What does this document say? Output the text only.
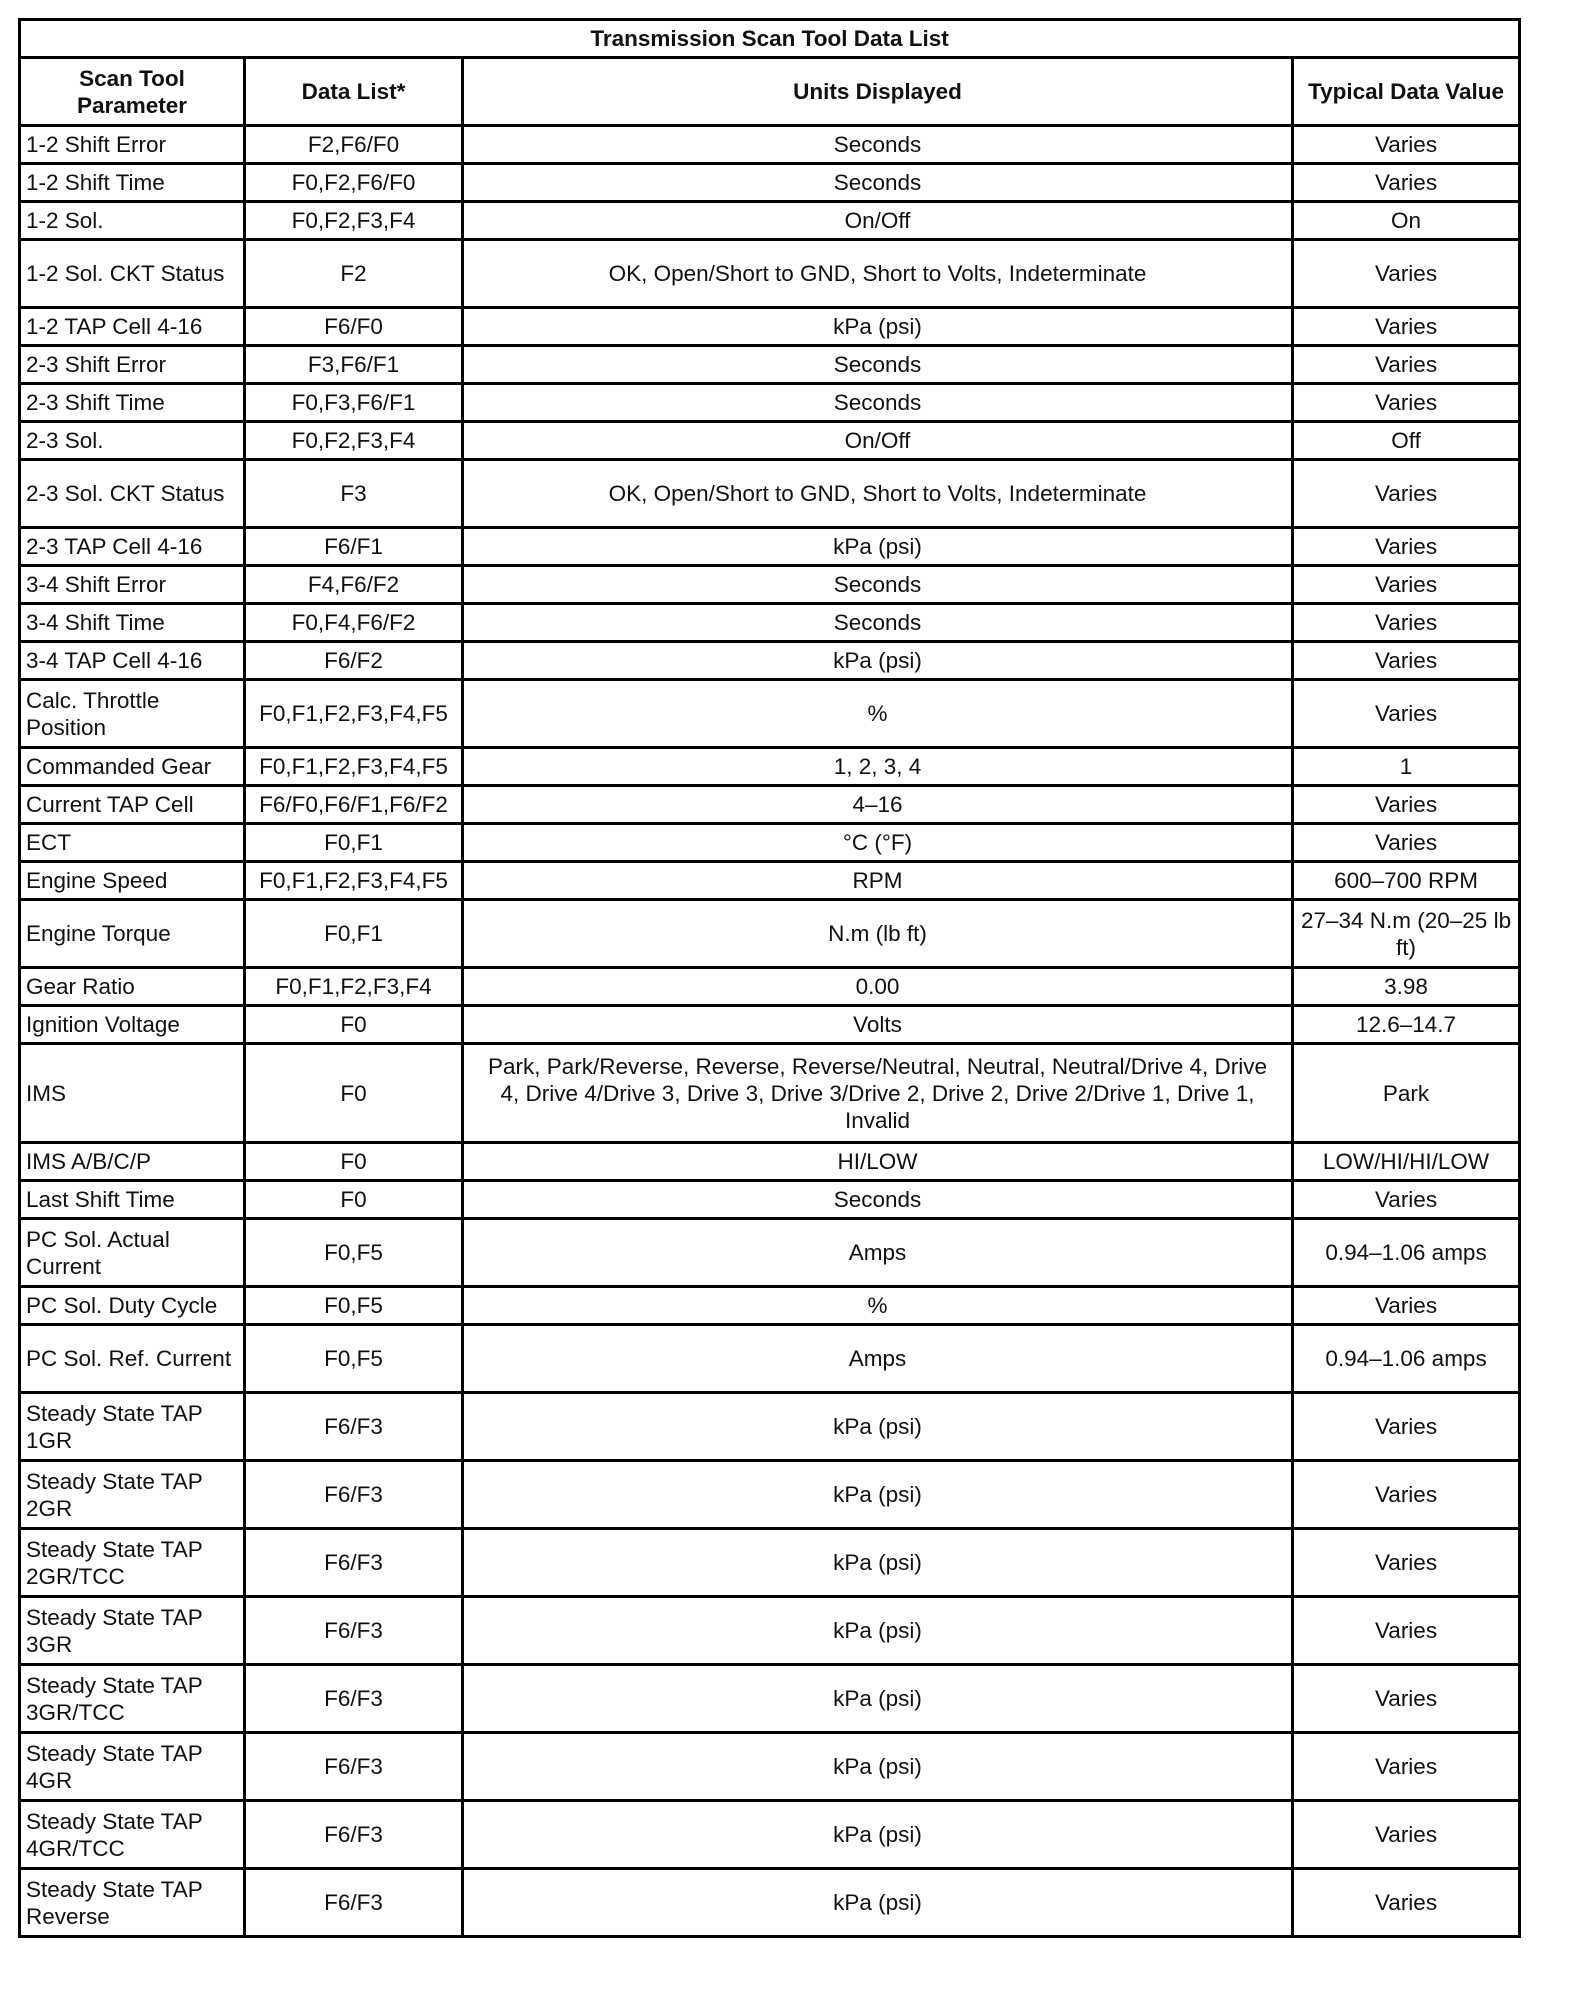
Transmission Scan Tool Data List			
Scan Tool Parameter	Data List*	Units Displayed	Typical Data Value
1-2 Shift Error	F2,F6/F0	Seconds	Varies
1-2 Shift Time	F0,F2,F6/F0	Seconds	Varies
1-2 Sol.	F0,F2,F3,F4	On/Off	On
1-2 Sol. CKT Status	F2	OK, Open/Short to GND, Short to Volts, Indeterminate	Varies
1-2 TAP Cell 4-16	F6/F0	kPa (psi)	Varies
2-3 Shift Error	F3,F6/F1	Seconds	Varies
2-3 Shift Time	F0,F3,F6/F1	Seconds	Varies
2-3 Sol.	F0,F2,F3,F4	On/Off	Off
2-3 Sol. CKT Status	F3	OK, Open/Short to GND, Short to Volts, Indeterminate	Varies
2-3 TAP Cell 4-16	F6/F1	kPa (psi)	Varies
3-4 Shift Error	F4,F6/F2	Seconds	Varies
3-4 Shift Time	F0,F4,F6/F2	Seconds	Varies
3-4 TAP Cell 4-16	F6/F2	kPa (psi)	Varies
Calc. Throttle Position	F0,F1,F2,F3,F4,F5	%	Varies
Commanded Gear	F0,F1,F2,F3,F4,F5	1, 2, 3, 4	1
Current TAP Cell	F6/F0,F6/F1,F6/F2	4–16	Varies
ECT	F0,F1	°C (°F)	Varies
Engine Speed	F0,F1,F2,F3,F4,F5	RPM	600–700 RPM
Engine Torque	F0,F1	N.m (lb ft)	27–34 N.m (20–25 lb ft)
Gear Ratio	F0,F1,F2,F3,F4	0.00	3.98
Ignition Voltage	F0	Volts	12.6–14.7
IMS	F0	Park, Park/Reverse, Reverse, Reverse/Neutral, Neutral, Neutral/Drive 4, Drive 4, Drive 4/Drive 3, Drive 3, Drive 3/Drive 2, Drive 2, Drive 2/Drive 1, Drive 1, Invalid	Park
IMS A/B/C/P	F0	HI/LOW	LOW/HI/HI/LOW
Last Shift Time	F0	Seconds	Varies
PC Sol. Actual Current	F0,F5	Amps	0.94–1.06 amps
PC Sol. Duty Cycle	F0,F5	%	Varies
PC Sol. Ref. Current	F0,F5	Amps	0.94–1.06 amps
Steady State TAP 1GR	F6/F3	kPa (psi)	Varies
Steady State TAP 2GR	F6/F3	kPa (psi)	Varies
Steady State TAP 2GR/TCC	F6/F3	kPa (psi)	Varies
Steady State TAP 3GR	F6/F3	kPa (psi)	Varies
Steady State TAP 3GR/TCC	F6/F3	kPa (psi)	Varies
Steady State TAP 4GR	F6/F3	kPa (psi)	Varies
Steady State TAP 4GR/TCC	F6/F3	kPa (psi)	Varies
Steady State TAP Reverse	F6/F3	kPa (psi)	Varies
